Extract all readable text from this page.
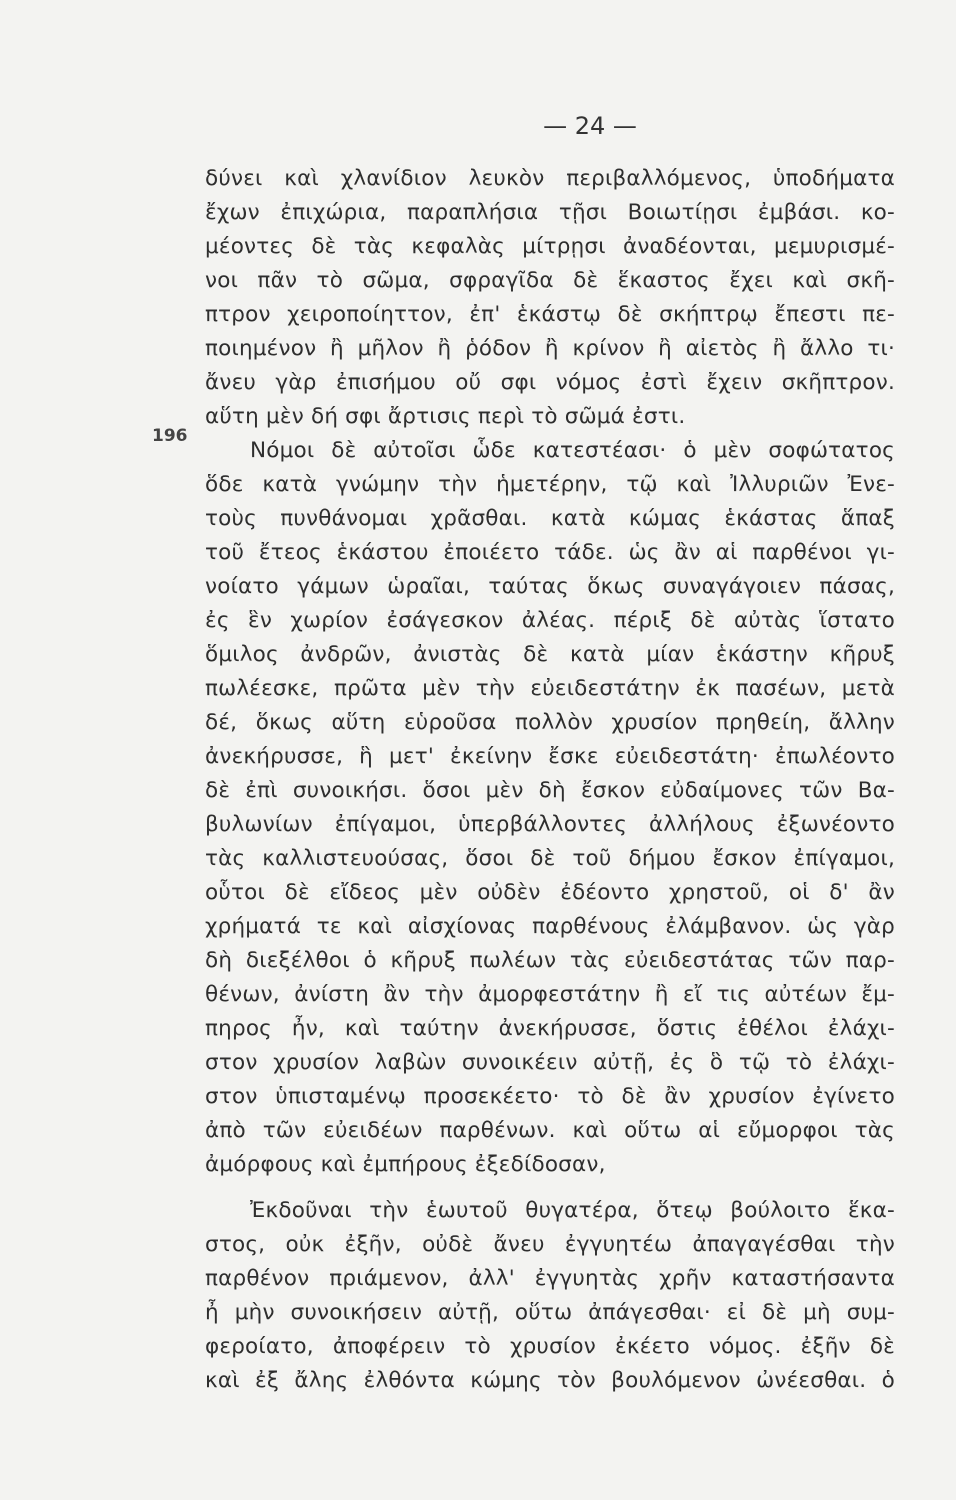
— 24 —
196
δύνει καὶ χλανίδιον λευκὸν περιβαλλόμενος, ὑποδήματα
ἔχων ἐπιχώρια, παραπλήσια τῇσι Βοιωτίῃσι ἐμβάσι. κο-
μέοντες δὲ τὰς κεφαλὰς μίτρῃσι ἀναδέονται, μεμυρισμέ-
νοι πᾶν τὸ σῶμα, σφραγῖδα δὲ ἕκαστος ἔχει καὶ σκῆ-
πτρον χειροποίηττον, ἐπ' ἑκάστῳ δὲ σκήπτρῳ ἔπεστι πε-
ποιημένον ἢ μῆλον ἢ ῥόδον ἢ κρίνον ἢ αἰετὸς ἢ ἄλλο τι·
ἄνευ γὰρ ἐπισήμου οὔ σφι νόμος ἐστὶ ἔχειν σκῆπτρον.
αὕτη μὲν δή σφι ἄρτισις περὶ τὸ σῶμά ἐστι.
Νόμοι δὲ αὐτοῖσι ὧδε κατεστέασι· ὁ μὲν σοφώτατος
ὅδε κατὰ γνώμην τὴν ἡμετέρην, τῷ καὶ Ἰλλυριῶν Ἐνε-
τοὺς πυνθάνομαι χρᾶσθαι. κατὰ κώμας ἑκάστας ἅπαξ
τοῦ ἔτεος ἑκάστου ἐποιέετο τάδε. ὡς ἂν αἱ παρθένοι γι-
νοίατο γάμων ὡραῖαι, ταύτας ὅκως συναγάγοιεν πάσας,
ἐς ἓν χωρίον ἐσάγεσκον ἀλέας. πέριξ δὲ αὐτὰς ἵστατο
ὅμιλος ἀνδρῶν, ἀνιστὰς δὲ κατὰ μίαν ἑκάστην κῆρυξ
πωλέεσκε, πρῶτα μὲν τὴν εὐειδεστάτην ἐκ πασέων, μετὰ
δέ, ὅκως αὕτη εὑροῦσα πολλὸν χρυσίον πρηθείη, ἄλλην
ἀνεκήρυσσε, ἣ μετ' ἐκείνην ἔσκε εὐειδεστάτη· ἐπωλέοντο
δὲ ἐπὶ συνοικήσι. ὅσοι μὲν δὴ ἔσκον εὐδαίμονες τῶν Βα-
βυλωνίων ἐπίγαμοι, ὑπερβάλλοντες ἀλλήλους ἐξωνέοντο
τὰς καλλιστευούσας, ὅσοι δὲ τοῦ δήμου ἔσκον ἐπίγαμοι,
οὗτοι δὲ εἴδεος μὲν οὐδὲν ἐδέοντο χρηστοῦ, οἱ δ' ἂν
χρήματά τε καὶ αἰσχίονας παρθένους ἐλάμβανον. ὡς γὰρ
δὴ διεξέλθοι ὁ κῆρυξ πωλέων τὰς εὐειδεστάτας τῶν παρ-
θένων, ἀνίστη ἂν τὴν ἀμορφεστάτην ἢ εἴ τις αὐτέων ἔμ-
πηρος ἦν, καὶ ταύτην ἀνεκήρυσσε, ὅστις ἐθέλοι ἐλάχι-
στον χρυσίον λαβὼν συνοικέειν αὐτῇ, ἐς ὃ τῷ τὸ ἐλάχι-
στον ὑπισταμένῳ προσεκέετο· τὸ δὲ ἂν χρυσίον ἐγίνετο
ἀπὸ τῶν εὐειδέων παρθένων. καὶ οὕτω αἱ εὔμορφοι τὰς
ἀμόρφους καὶ ἐμπήρους ἐξεδίδοσαν,
Ἐκδοῦναι τὴν ἑωυτοῦ θυγατέρα, ὅτεῳ βούλοιτο ἕκα-
στος, οὐκ ἐξῆν, οὐδὲ ἄνευ ἐγγυητέω ἀπαγαγέσθαι τὴν
παρθένον πριάμενον, ἀλλ' ἐγγυητὰς χρῆν καταστήσαντα
ἦ μὴν συνοικήσειν αὐτῇ, οὕτω ἀπάγεσθαι· εἰ δὲ μὴ συμ-
φεροίατο, ἀποφέρειν τὸ χρυσίον ἐκέετο νόμος. ἐξῆν δὲ
καὶ ἐξ ἄλης ἐλθόντα κώμης τὸν βουλόμενον ὠνέεσθαι. ὁ
